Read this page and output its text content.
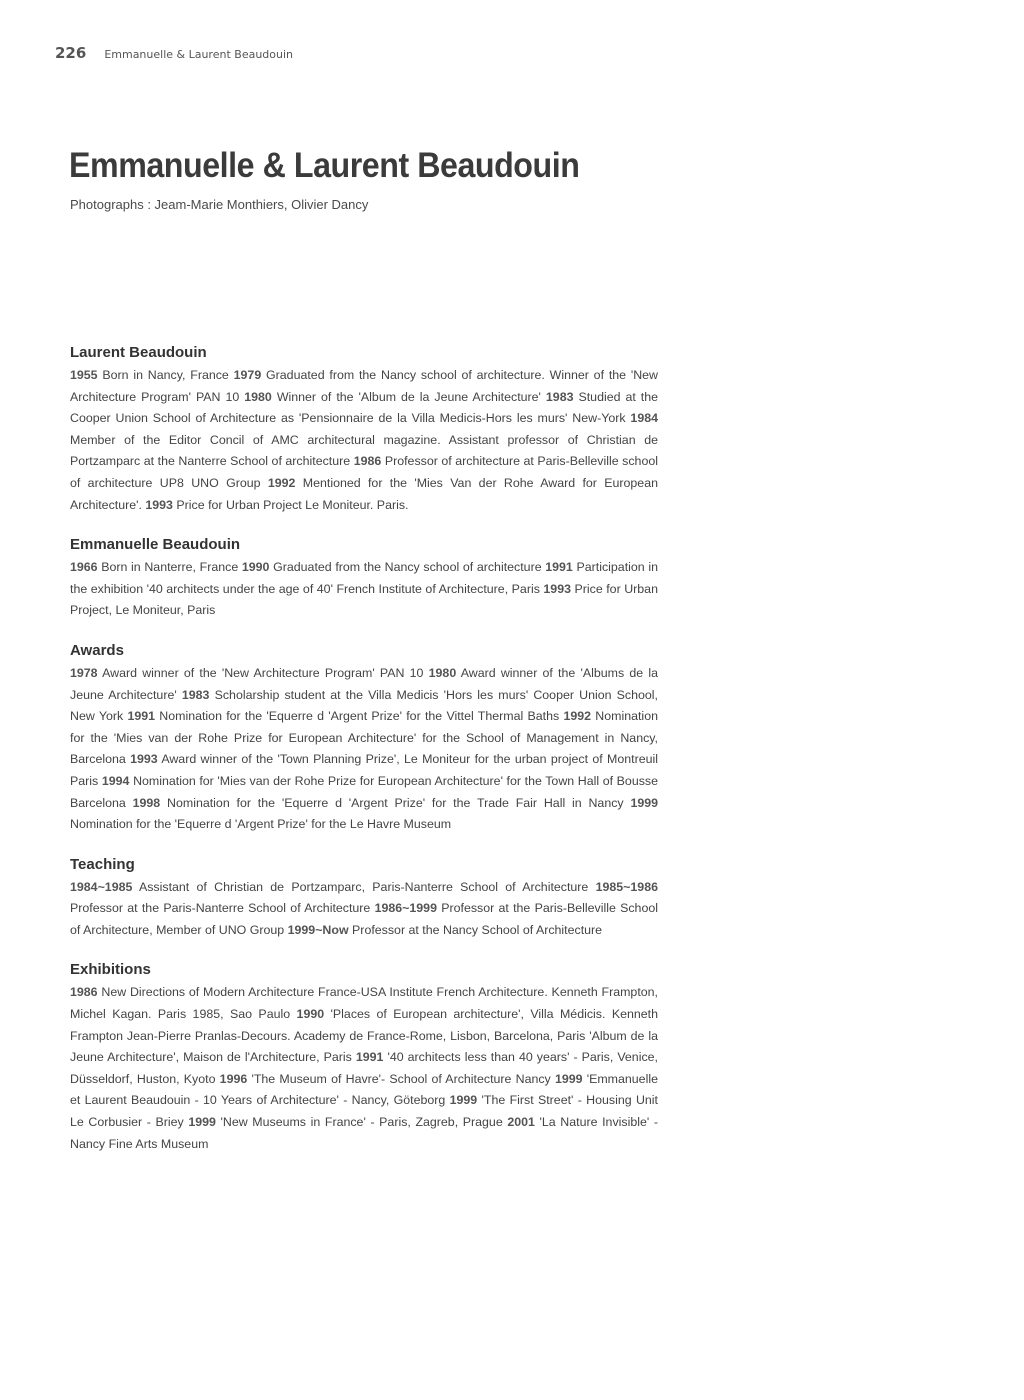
226 Emmanuelle & Laurent Beaudouin
Emmanuelle & Laurent Beaudouin
Photographs : Jeam-Marie Monthiers, Olivier Dancy
Laurent Beaudouin

1955 Born in Nancy, France 1979 Graduated from the Nancy school of architecture. Winner of the 'New Architecture Program' PAN 10 1980 Winner of the 'Album de la Jeune Architecture' 1983 Studied at the Cooper Union School of Architecture as 'Pensionnaire de la Villa Medicis-Hors les murs' New-York 1984 Member of the Editor Concil of AMC architectural magazine. Assistant professor of Christian de Portzamparc at the Nanterre School of architecture 1986 Professor of architecture at Paris-Belleville school of architecture UP8 UNO Group 1992 Mentioned for the 'Mies Van der Rohe Award for European Architecture'. 1993 Price for Urban Project Le Moniteur. Paris.

Emmanuelle Beaudouin

1966 Born in Nanterre, France 1990 Graduated from the Nancy school of architecture 1991 Participation in the exhibition '40 architects under the age of 40' French Institute of Architecture, Paris 1993 Price for Urban Project, Le Moniteur, Paris

Awards

1978 Award winner of the 'New Architecture Program' PAN 10 1980 Award winner of the 'Albums de la Jeune Architecture' 1983 Scholarship student at the Villa Medicis 'Hors les murs' Cooper Union School, New York 1991 Nomination for the 'Equerre d 'Argent Prize' for the Vittel Thermal Baths 1992 Nomination for the 'Mies van der Rohe Prize for European Architecture' for the School of Management in Nancy, Barcelona 1993 Award winner of the 'Town Planning Prize', Le Moniteur for the urban project of Montreuil Paris 1994 Nomination for 'Mies van der Rohe Prize for European Architecture' for the Town Hall of Bousse Barcelona 1998 Nomination for the 'Equerre d 'Argent Prize' for the Trade Fair Hall in Nancy 1999 Nomination for the 'Equerre d 'Argent Prize' for the Le Havre Museum

Teaching

1984~1985 Assistant of Christian de Portzamparc, Paris-Nanterre School of Architecture 1985~1986 Professor at the Paris-Nanterre School of Architecture 1986~1999 Professor at the Paris-Belleville School of Architecture, Member of UNO Group 1999~Now Professor at the Nancy School of Architecture

Exhibitions

1986 New Directions of Modern Architecture France-USA Institute French Architecture. Kenneth Frampton, Michel Kagan. Paris 1985, Sao Paulo 1990 'Places of European architecture', Villa Médicis. Kenneth Frampton Jean-Pierre Pranlas-Decours. Academy de France-Rome, Lisbon, Barcelona, Paris 'Album de la Jeune Architecture', Maison de l'Architecture, Paris 1991 '40 architects less than 40 years' - Paris, Venice, Düsseldorf, Huston, Kyoto 1996 'The Museum of Havre'- School of Architecture Nancy 1999 'Emmanuelle et Laurent Beaudouin - 10 Years of Architecture' - Nancy, Göteborg 1999 'The First Street' - Housing Unit Le Corbusier - Briey 1999 'New Museums in France' - Paris, Zagreb, Prague 2001 'La Nature Invisible' - Nancy Fine Arts Museum
